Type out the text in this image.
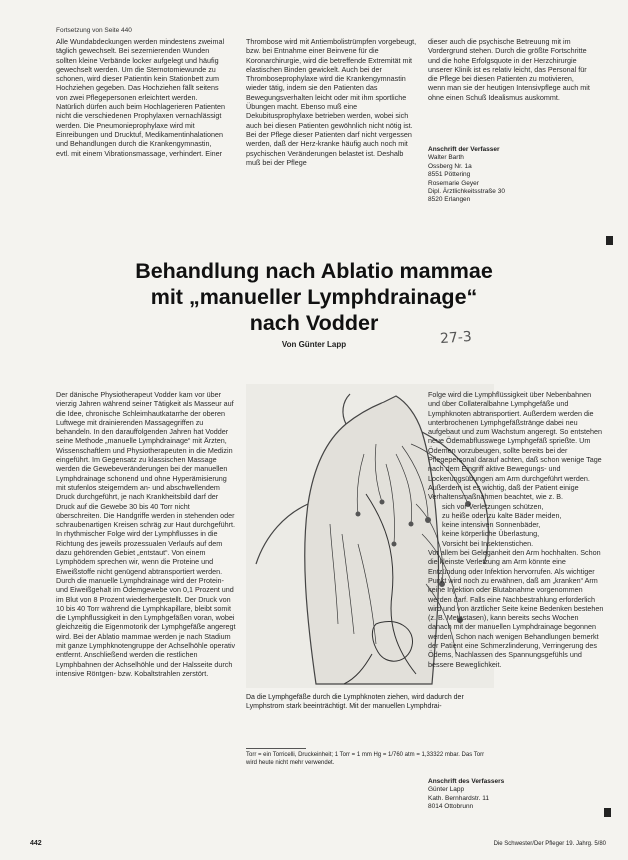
Fortsetzung von Seite 440

Alle Wundabdeckungen werden mindestens zweimal täglich gewechselt. Bei sezernierenden Wunden sollten kleine Verbände locker aufgelegt und häufig gewechselt werden. Um die Sternotomiewunde zu schonen, wird dieser Patientin kein Stationbett zum Hochziehen gegeben. Das Hochziehen fällt seitens von zwei Pflegepersonen erleichtert werden. Natürlich dürfen auch beim Hochlagerieren Patienten nicht die verschiedenen Prophylaxen vernachlässigt werden. Die Pneumonieprophylaxe wird mit Einreibungen und Drucktuf, Medikamentinhalationen und Behandlungen durch die Krankengymnastin, evtl. mit einem Vibrationsmassage, verhindert. Einer

Thrombose wird mit Antiembolistrümpfen vorgebeugt, bzw. bei Entnahme einer Beinvene für die Koronarchirurgie, wird die betreffende Extremität mit elastischen Binden gewickelt. Auch bei der Thromboseprophylaxe wird die Krankengymnastin wieder tätig, indem sie den Patienten das Bewegungsverhalten leicht oder mit ihm sportliche Übungen macht. Ebenso muß eine Dekubitusprophylaxe betrieben werden, wobei sich auch bei diesen Patienten gewöhnlich nicht nötig ist. Bei der Pflege dieser Patienten darf nicht vergessen werden, daß der Herz-kranke häufig auch noch mit psychischen Veränderungen belastet ist. Deshalb muß bei der Pflege

dieser auch die psychische Betreuung mit im Vordergrund stehen. Durch die größte Fortschritte und die hohe Erfolgsquote in der Herzchirurgie unserer Klinik ist es relativ leicht, das Personal für die Pflege bei diesen Patienten zu motivieren, wenn man sie der heutigen Intensivpflege auch mit ohne einen Schuß Idealismus auskommt.

Anschrift der Verfasser
Walter Barth
Ossberg Nr. 1a
8551 Pöttering
Rosemarie Geyer
Dipl. Ärztlichkeitsstraße 30
8520 Erlangen
Behandlung nach Ablatio mammae
mit „manueller Lymphdrainage“
nach Vodder
Von Günter Lapp	27-3

Der dänische Physiotherapeut Vodder kam vor über vierzig Jahren während seiner Tätigkeit als Masseur auf die Idee, chronische Schleimhautkatarrhe der oberen Luftwege mit drainierenden Massagegriffen zu behandeln. In den darauffolgenden Jahren hat Vodder seine Methode „manuelle Lymphdrainage“ mit Ärzten, Wissenschaftlern und Physiotherapeuten in die Medizin eingeführt. Im Gegensatz zu klassischen Massage werden die Gewebeveränderungen bei der manuellen Lymphdrainage schonend und ohne Hyperämisierung mit stufenlos steigerndem an- und abschwellendem Druck durchgeführt, je nach Krankheitsbild darf der Druck auf die Gewebe 30 bis 40 Torr nicht überschreiten. Die Handgriffe werden in stehenden oder schraubenartigen Kreisen schräg zur Haut durchgeführt. In rhythmischer Folge wird der Lymphflusses in die Richtung des jeweils prozessualen Verlaufs auf dem dazu gehörenden Gebiet „entstaut“. Von einem Lymphödem sprechen wir, wenn die Proteine und Eiweißstoffe nicht genügend abtransportiert werden. Durch die manuelle Lymphdrainage wird der Protein- und Eiweißgehalt im Ödemgewebe von 0,1 Prozent und im Blut von 8 Prozent wiederhergestellt. Der Druck von 10 bis 40 Torr während die Lymphkapillare, bleibt somit die Lymphflussigkeit in den Lymphgefäßen voran, wobei gleichzeitig die Eigenmotorik der Lymphgefäße angeregt wird. Bei der Ablatio mammae werden je nach Stadium mit ganze Lymphknotengruppe der Achselhöhle operativ entfernt. Anschließend werden die restlichen Lymphbahnen der Achselhöhle und der Halsseite durch intensive Röntgen- bzw. Kobaltstrahlen zerstört.

Da die Lymphgefäße durch die Lymphknoten ziehen, wird dadurch der Lymphstrom stark beeinträchtigt. Mit der manuellen Lymphdrai-
Torr = ein Torricelli, Druckeinheit; 1 Torr = 1 mm Hg = 1/760 atm = 1,33322 mbar. Das Torr wird heute nicht mehr verwendet.

Folge wird die Lymphflüssigkeit über Nebenbahnen und über Collateralbahne Lymphgefäße und Lymphknoten abtransportiert. Außerdem werden die unterbrochenen Lymphgefäßstränge dabei neu aufgebaut und zum Wachstum angeregt. So entstehen neue Ödemabflusswege Lymphgefäß sprießte. Um Ödemen vorzubeugen, sollte bereits bei der Pflegepersonal darauf achten, daß schon wenige Tage nach dem Eingriff aktive Bewegungs- und Lockerungsübungen am Arm durchgeführt werden. Außerdem ist es wichtig, daß der Patient einige Verhaltensmaßnahmen beachtet, wie z. B.

sich vor Verletzungen schützen,
zu heiße oder zu kalte Bäder meiden,
keine intensiven Sonnenbäder,
keine körperliche Überlastung,
Vorsicht bei Insektenstichen.

Vor allem bei Geleganheit den Arm hochhalten. Schon die kleinste Verletzung am Arm könnte eine Entzündung oder Infektion hervorrufen. Als wichtiger Punkt wird noch zu erwähnen, daß am „kranken“ Arm keine Injektion oder Blutabnahme vorgenommen werden darf. Falls eine Nachbestrahlung erforderlich wird und von ärztlicher Seite keine Bedenken bestehen (z. B. Metastasen), kann bereits sechs Wochen danach mit der manuellen Lymphdrainage begonnen werden. Schon nach wenigen Behandlungen bemerkt der Patient eine Schmerzlinderung, Verringerung des Ödems, Nachlassen des Spannungsgefühls und bessere Beweglichkeit.

Anschrift des Verfassers
Günter Lapp
Kath. Bernhardstr. 11
8014 Ottobrunn
442	Die Schwester/Der Pfleger 19. Jahrg. 5/80
